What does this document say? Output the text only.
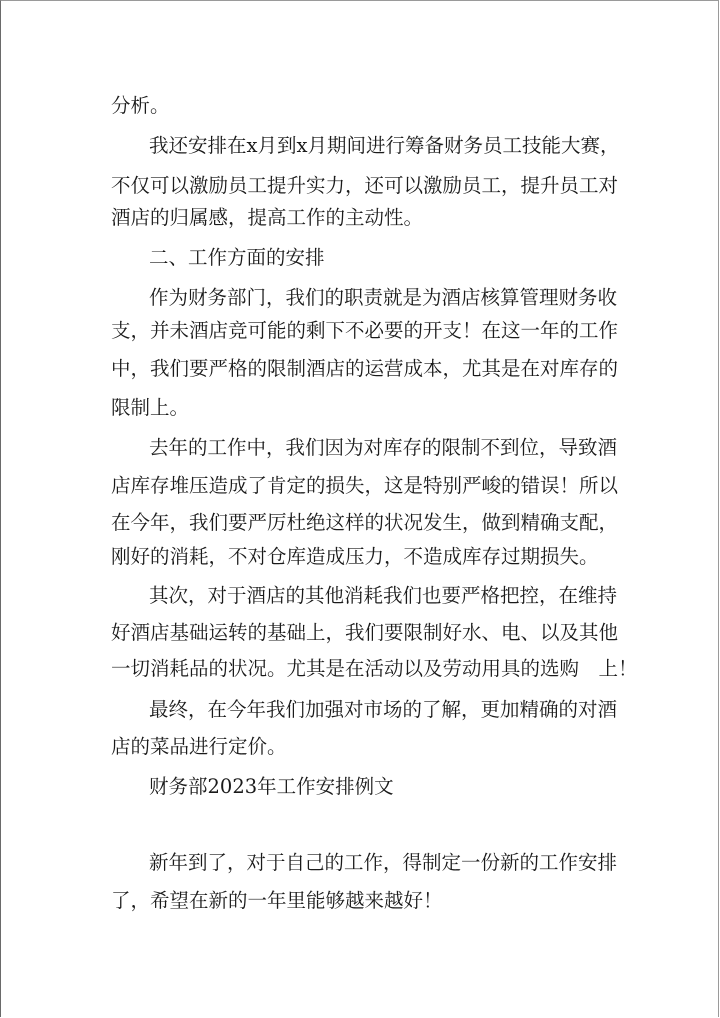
分析。
我还安排在x月到x月期间进行筹备财务员工技能大赛，
不仅可以激励员工提升实力，还可以激励员工，提升员工对
酒店的归属感，提高工作的主动性。
二、工作方面的安排
作为财务部门，我们的职责就是为酒店核算管理财务收
支，并未酒店竞可能的剩下不必要的开支！在这一年的工作
中，我们要严格的限制酒店的运营成本，尤其是在对库存的
限制上。
去年的工作中，我们因为对库存的限制不到位，导致酒
店库存堆压造成了肯定的损失，这是特别严峻的错误！所以
在今年，我们要严厉杜绝这样的状况发生，做到精确支配，
刚好的消耗，不对仓库造成压力，不造成库存过期损失。
其次，对于酒店的其他消耗我们也要严格把控，在维持
好酒店基础运转的基础上，我们要限制好水、电、以及其他
一切消耗品的状况。尤其是在活动以及劳动用具的选购　上！
最终，在今年我们加强对市场的了解，更加精确的对酒
店的菜品进行定价。
财务部2023年工作安排例文
新年到了，对于自己的工作，得制定一份新的工作安排
了，希望在新的一年里能够越来越好！
